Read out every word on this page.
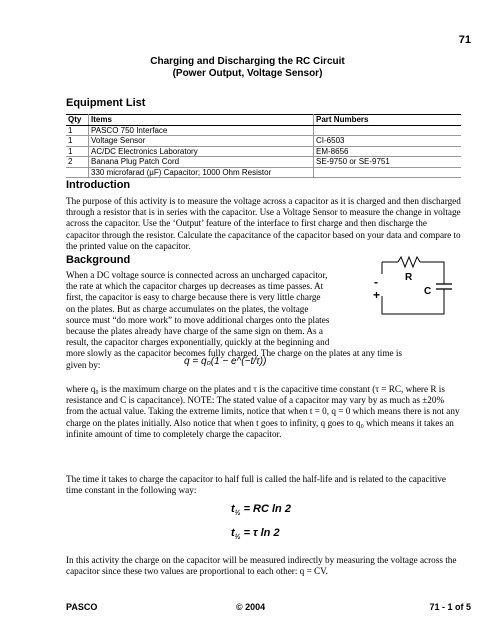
71
Charging and Discharging the RC Circuit
(Power Output, Voltage Sensor)
Equipment List
Qty	Items	Part Numbers
1	PASCO 750 Interface	
1	Voltage Sensor	CI-6503
1	AC/DC Electronics Laboratory	EM-8656
2	Banana Plug Patch Cord	SE-9750 or SE-9751
	330 microfarad (µF) Capacitor; 1000 Ohm Resistor	
Introduction
The purpose of this activity is to measure the voltage across a capacitor as it is charged and then discharged through a resistor that is in series with the capacitor. Use a Voltage Sensor to measure the change in voltage across the capacitor. Use the ‘Output’ feature of the interface to first charge and then discharge the capacitor through the resistor. Calculate the capacitance of the capacitor based on your data and compare to the printed value on the capacitor.
Background
When a DC voltage source is connected across an uncharged capacitor,
the rate at which the capacitor charges up decreases as time passes. At
first, the capacitor is easy to charge because there is very little charge
on the plates. But as charge accumulates on the plates, the voltage
source must “do more work” to move additional charges onto the plates
because the plates already have charge of the same sign on them. As a
result, the capacitor charges exponentially, quickly at the beginning and
more slowly as the capacitor becomes fully charged. The charge on the plates at any time is
given by:
R
C
-
+
q = q₀(1 − e^(−t/τ))
where q₀ is the maximum charge on the plates and τ is the capacitive time constant (τ = RC, where R is resistance and C is capacitance). NOTE: The stated value of a capacitor may vary by as much as ±20% from the actual value. Taking the extreme limits, notice that when t = 0, q = 0 which means there is not any charge on the plates initially. Also notice that when t goes to infinity, q goes to q₀ which means it takes an infinite amount of time to completely charge the capacitor.
The time it takes to charge the capacitor to half full is called the half-life and is related to the capacitive time constant in the following way:
$t_{\frac{1}{2}}$ = RC ln 2
$t_{\frac{1}{2}} = \tau$ ln 2
In this activity the charge on the capacitor will be measured indirectly by measuring the voltage across the capacitor since these two values are proportional to each other: q = CV.
PASCO	© 2004	71 - 1 of 5
